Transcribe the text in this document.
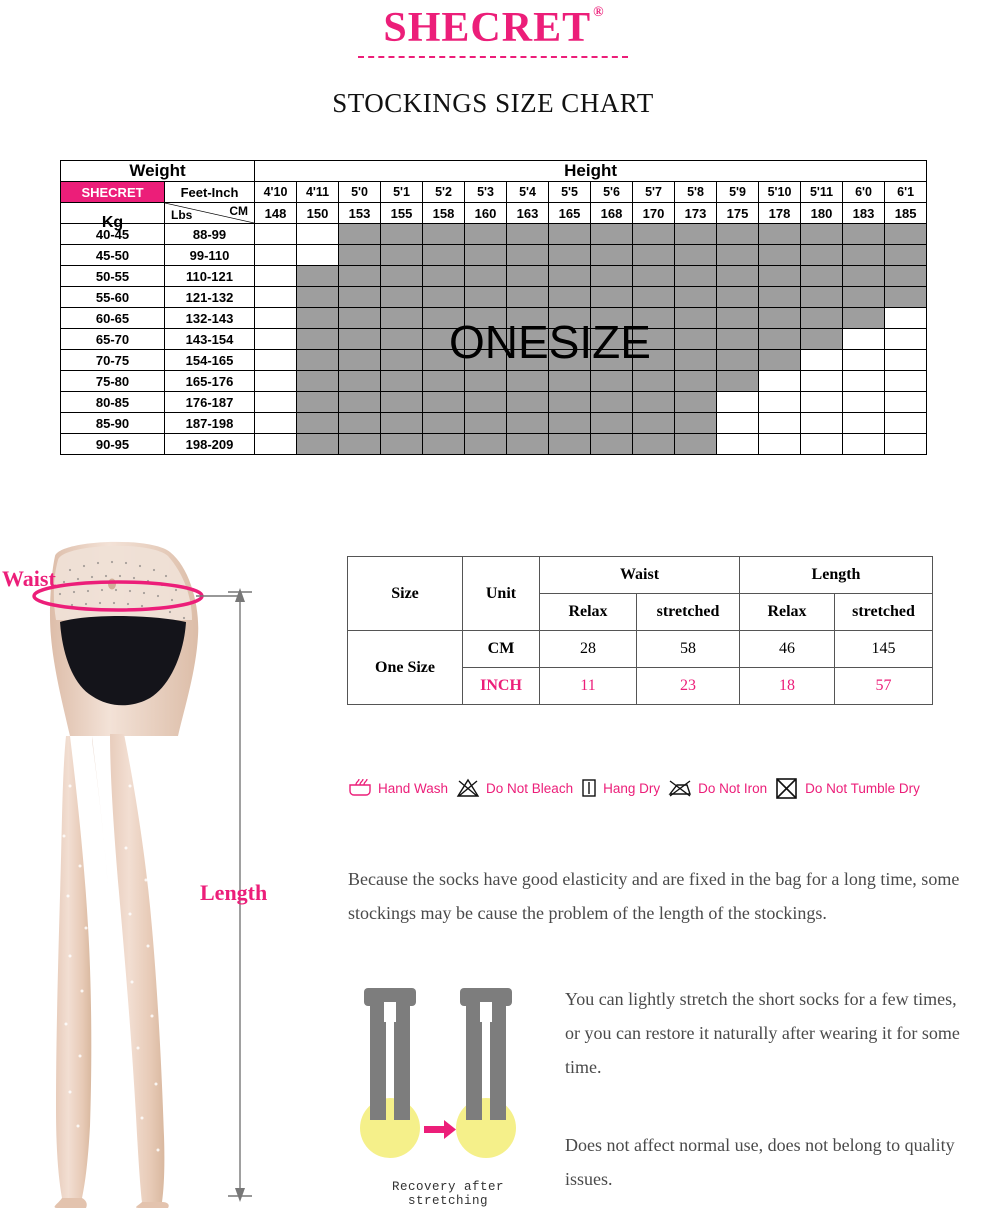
SHECRET ®
STOCKINGS SIZE CHART
Weight		Height															
SHECRET	Feet-Inch	4'10	4'11	5'0	5'1	5'2	5'3	5'4	5'5	5'6	5'7	5'8	5'9	5'10	5'11	6'0	6'1

Kg	CM
Lbs	148	150	153	155	158	160	163	165	168	170	173	175	178	180	183	185
40-45	88-99																
45-50	99-110																
50-55	110-121																
55-60	121-132																
60-65	132-143																
65-70	143-154																
70-75	154-165																
75-80	165-176																
80-85	176-187																
85-90	187-198																
90-95	198-209																
ONESIZE
Waist
Length
Size	Unit	Waist		Length	
		Relax	stretched	Relax	stretched
One Size	CM	28	58	46	145
	INCH	11	23	18	57
Hand Wash	Do Not Bleach Hang Dry	Do Not Iron	Do Not Tumble Dry
Because the socks have good elasticity and are fixed in the bag for a long time, some stockings may be cause the problem of the length of the stockings.
You can lightly stretch the short socks for a few times, or you can restore it naturally after wearing it for some time.
Does not affect normal use, does not belong to quality issues.
Recovery after stretching
